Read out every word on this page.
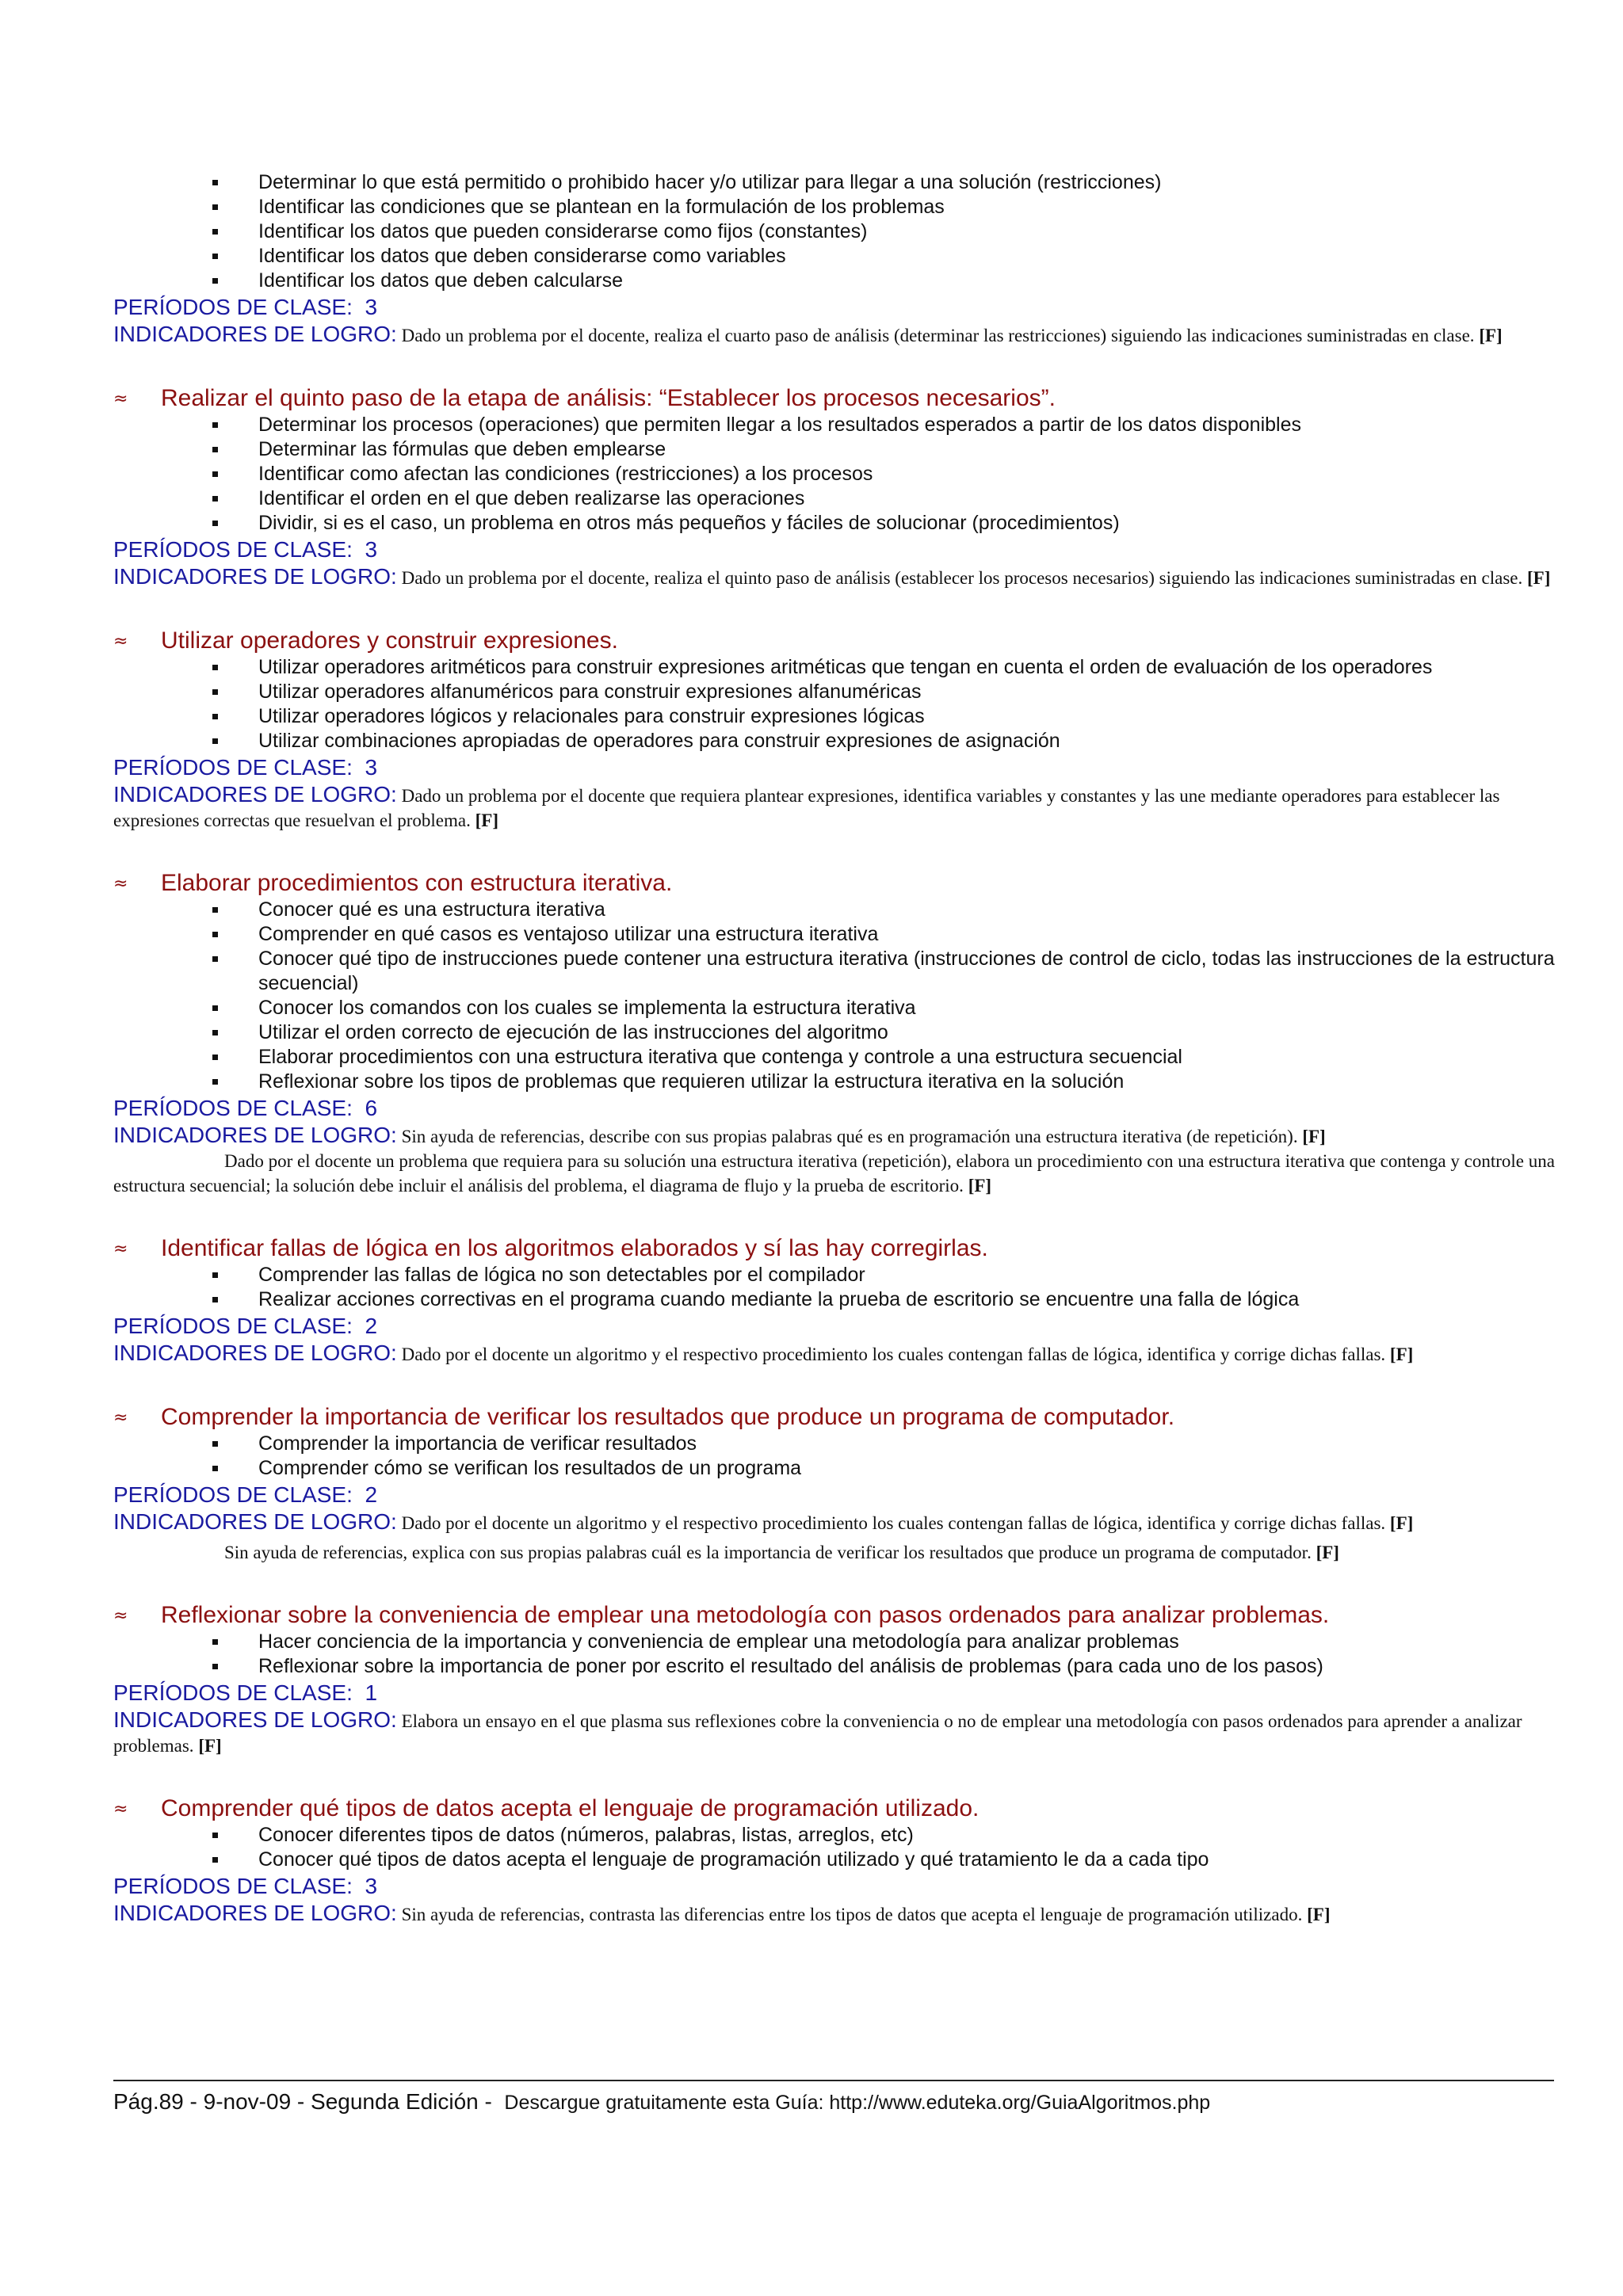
Determinar lo que está permitido o prohibido hacer y/o utilizar para llegar a una solución (restricciones)
Identificar las condiciones que se plantean en la formulación de los problemas
Identificar los datos que pueden considerarse como fijos (constantes)
Identificar los datos que deben considerarse como variables
Identificar los datos que deben calcularse
PERÍODOS DE CLASE: 3
INDICADORES DE LOGRO: Dado un problema por el docente, realiza el cuarto paso de análisis (determinar las restricciones) siguiendo las indicaciones suministradas en clase. [F]
≈ Realizar el quinto paso de la etapa de análisis: “Establecer los procesos necesarios”.
Determinar los procesos (operaciones) que permiten llegar a los resultados esperados a partir de los datos disponibles
Determinar las fórmulas que deben emplearse
Identificar como afectan las condiciones (restricciones) a los procesos
Identificar el orden en el que deben realizarse las operaciones
Dividir, si es el caso, un problema en otros más pequeños y fáciles de solucionar (procedimientos)
PERÍODOS DE CLASE: 3
INDICADORES DE LOGRO: Dado un problema por el docente, realiza el quinto paso de análisis (establecer los procesos necesarios) siguiendo las indicaciones suministradas en clase. [F]
≈ Utilizar operadores y construir expresiones.
Utilizar operadores aritméticos para construir expresiones aritméticas que tengan en cuenta el orden de evaluación de los operadores
Utilizar operadores alfanuméricos para construir expresiones alfanuméricas
Utilizar operadores lógicos y relacionales para construir expresiones lógicas
Utilizar combinaciones apropiadas de operadores para construir expresiones de asignación
PERÍODOS DE CLASE: 3
INDICADORES DE LOGRO: Dado un problema por el docente que requiera plantear expresiones, identifica variables y constantes y las une mediante operadores para establecer las expresiones correctas que resuelvan el problema. [F]
≈ Elaborar procedimientos con estructura iterativa.
Conocer qué es una estructura iterativa
Comprender en qué casos es ventajoso utilizar una estructura iterativa
Conocer qué tipo de instrucciones puede contener una estructura iterativa (instrucciones de control de ciclo, todas las instrucciones de la estructura secuencial)
Conocer los comandos con los cuales se implementa la estructura iterativa
Utilizar el orden correcto de ejecución de las instrucciones del algoritmo
Elaborar procedimientos con una estructura iterativa que contenga y controle a una estructura secuencial
Reflexionar sobre los tipos de problemas que requieren utilizar la estructura iterativa en la solución
PERÍODOS DE CLASE: 6
INDICADORES DE LOGRO: Sin ayuda de referencias, describe con sus propias palabras qué es en programación una estructura iterativa (de repetición). [F]
Dado por el docente un problema que requiera para su solución una estructura iterativa (repetición), elabora un procedimiento con una estructura iterativa que contenga y controle una estructura secuencial; la solución debe incluir el análisis del problema, el diagrama de flujo y la prueba de escritorio. [F]
≈ Identificar fallas de lógica en los algoritmos elaborados y sí las hay corregirlas.
Comprender las fallas de lógica no son detectables por el compilador
Realizar acciones correctivas en el programa cuando mediante la prueba de escritorio se encuentre una falla de lógica
PERÍODOS DE CLASE: 2
INDICADORES DE LOGRO: Dado por el docente un algoritmo y el respectivo procedimiento los cuales contengan fallas de lógica, identifica y corrige dichas fallas. [F]
≈ Comprender la importancia de verificar los resultados que produce un programa de computador.
Comprender la importancia de verificar resultados
Comprender cómo se verifican los resultados de un programa
PERÍODOS DE CLASE: 2
INDICADORES DE LOGRO: Dado por el docente un algoritmo y el respectivo procedimiento los cuales contengan fallas de lógica, identifica y corrige dichas fallas. [F]
Sin ayuda de referencias, explica con sus propias palabras cuál es la importancia de verificar los resultados que produce un programa de computador. [F]
≈ Reflexionar sobre la conveniencia de emplear una metodología con pasos ordenados para analizar problemas.
Hacer conciencia de la importancia y conveniencia de emplear una metodología para analizar problemas
Reflexionar sobre la importancia de poner por escrito el resultado del análisis de problemas (para cada uno de los pasos)
PERÍODOS DE CLASE: 1
INDICADORES DE LOGRO: Elabora un ensayo en el que plasma sus reflexiones cobre la conveniencia o no de emplear una metodología con pasos ordenados para aprender a analizar problemas. [F]
≈ Comprender qué tipos de datos acepta el lenguaje de programación utilizado.
Conocer diferentes tipos de datos (números, palabras, listas, arreglos, etc)
Conocer qué tipos de datos acepta el lenguaje de programación utilizado y qué tratamiento le da a cada tipo
PERÍODOS DE CLASE: 3
INDICADORES DE LOGRO: Sin ayuda de referencias, contrasta las diferencias entre los tipos de datos que acepta el lenguaje de programación utilizado. [F]
Pág.89 - 9-nov-09 - Segunda Edición - Descargue gratuitamente esta Guía: http://www.eduteka.org/GuiaAlgoritmos.php
